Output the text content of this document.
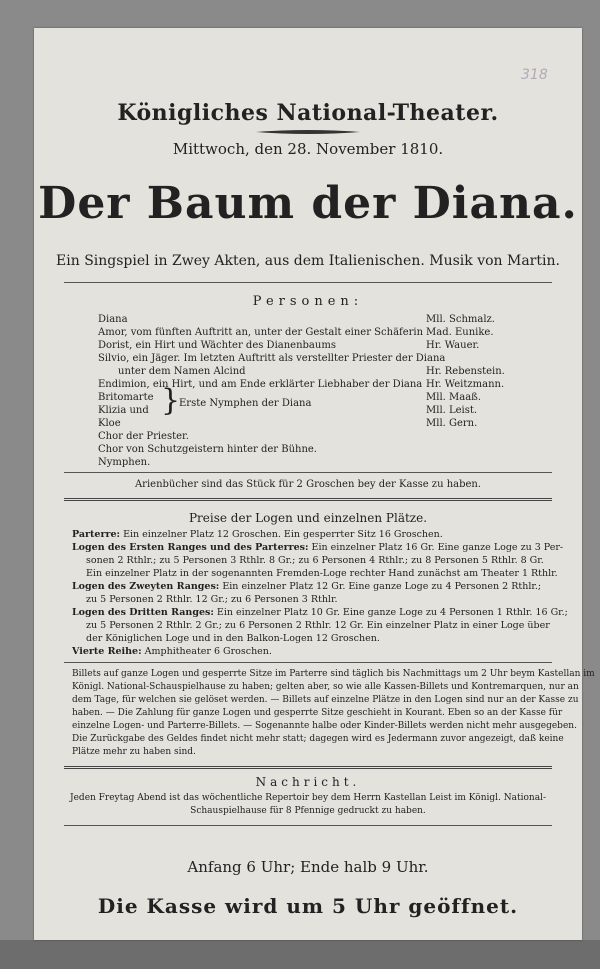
318
Königliches National-Theater.
Mittwoch, den 28. November 1810.
Der Baum der Diana.
Ein Singspiel in Zwey Akten, aus dem Italienischen. Musik von Martin.
Personen:
Diana	Mll. Schmalz.
Amor, vom fünften Auftritt an, unter der Gestalt einer Schäferin Mad. Eunike.
Dorist, ein Hirt und Wächter des Dianenbaums	Hr. Wauer.
Silvio, ein Jäger. Im letzten Auftritt als verstellter Priester der Diana
unter dem Namen Alcind	Hr. Rebenstein.
Endimion, ein Hirt, und am Ende erklärter Liebhaber der Diana Hr. Weitzmann.
Britomarte	Mll. Maaß.
Klizia und	Mll. Leist.
Kloe	Mll. Gern.
}
Erste Nymphen der Diana
Chor der Priester.
Chor von Schutzgeistern hinter der Bühne.
Nymphen.
Arienbücher sind das Stück für 2 Groschen bey der Kasse zu haben.
Preise der Logen und einzelnen Plätze.
Parterre: Ein einzelner Platz 12 Groschen. Ein gesperrter Sitz 16 Groschen.
Logen des Ersten Ranges und des Parterres: Ein einzelner Platz 16 Gr. Eine ganze Loge zu 3 Per-
sonen 2 Rthlr.; zu 5 Personen 3 Rthlr. 8 Gr.; zu 6 Personen 4 Rthlr.; zu 8 Personen 5 Rthlr. 8 Gr.
Ein einzelner Platz in der sogenannten Fremden-Loge rechter Hand zunächst am Theater 1 Rthlr.
Logen des Zweyten Ranges: Ein einzelner Platz 12 Gr. Eine ganze Loge zu 4 Personen 2 Rthlr.;
zu 5 Personen 2 Rthlr. 12 Gr.; zu 6 Personen 3 Rthlr.
Logen des Dritten Ranges: Ein einzelner Platz 10 Gr. Eine ganze Loge zu 4 Personen 1 Rthlr. 16 Gr.;
zu 5 Personen 2 Rthlr. 2 Gr.; zu 6 Personen 2 Rthlr. 12 Gr. Ein einzelner Platz in einer Loge über
der Königlichen Loge und in den Balkon-Logen 12 Groschen.
Vierte Reihe: Amphitheater 6 Groschen.
Billets auf ganze Logen und gesperrte Sitze im Parterre sind täglich bis Nachmittags um 2 Uhr beym Kastellan im
Königl. National-Schauspielhause zu haben; gelten aber, so wie alle Kassen-Billets und Kontremarquen, nur an
dem Tage, für welchen sie gelöset werden. — Billets auf einzelne Plätze in den Logen sind nur an der Kasse zu
haben. — Die Zahlung für ganze Logen und gesperrte Sitze geschieht in Kourant. Eben so an der Kasse für
einzelne Logen- und Parterre-Billets. — Sogenannte halbe oder Kinder-Billets werden nicht mehr ausgegeben.
Die Zurückgabe des Geldes findet nicht mehr statt; dagegen wird es Jedermann zuvor angezeigt, daß keine
Plätze mehr zu haben sind.
Nachricht.
Jeden Freytag Abend ist das wöchentliche Repertoir bey dem Herrn Kastellan Leist im Königl. National-
Schauspielhause für 8 Pfennige gedruckt zu haben.
Anfang 6 Uhr; Ende halb 9 Uhr.
Die Kasse wird um 5 Uhr geöffnet.
